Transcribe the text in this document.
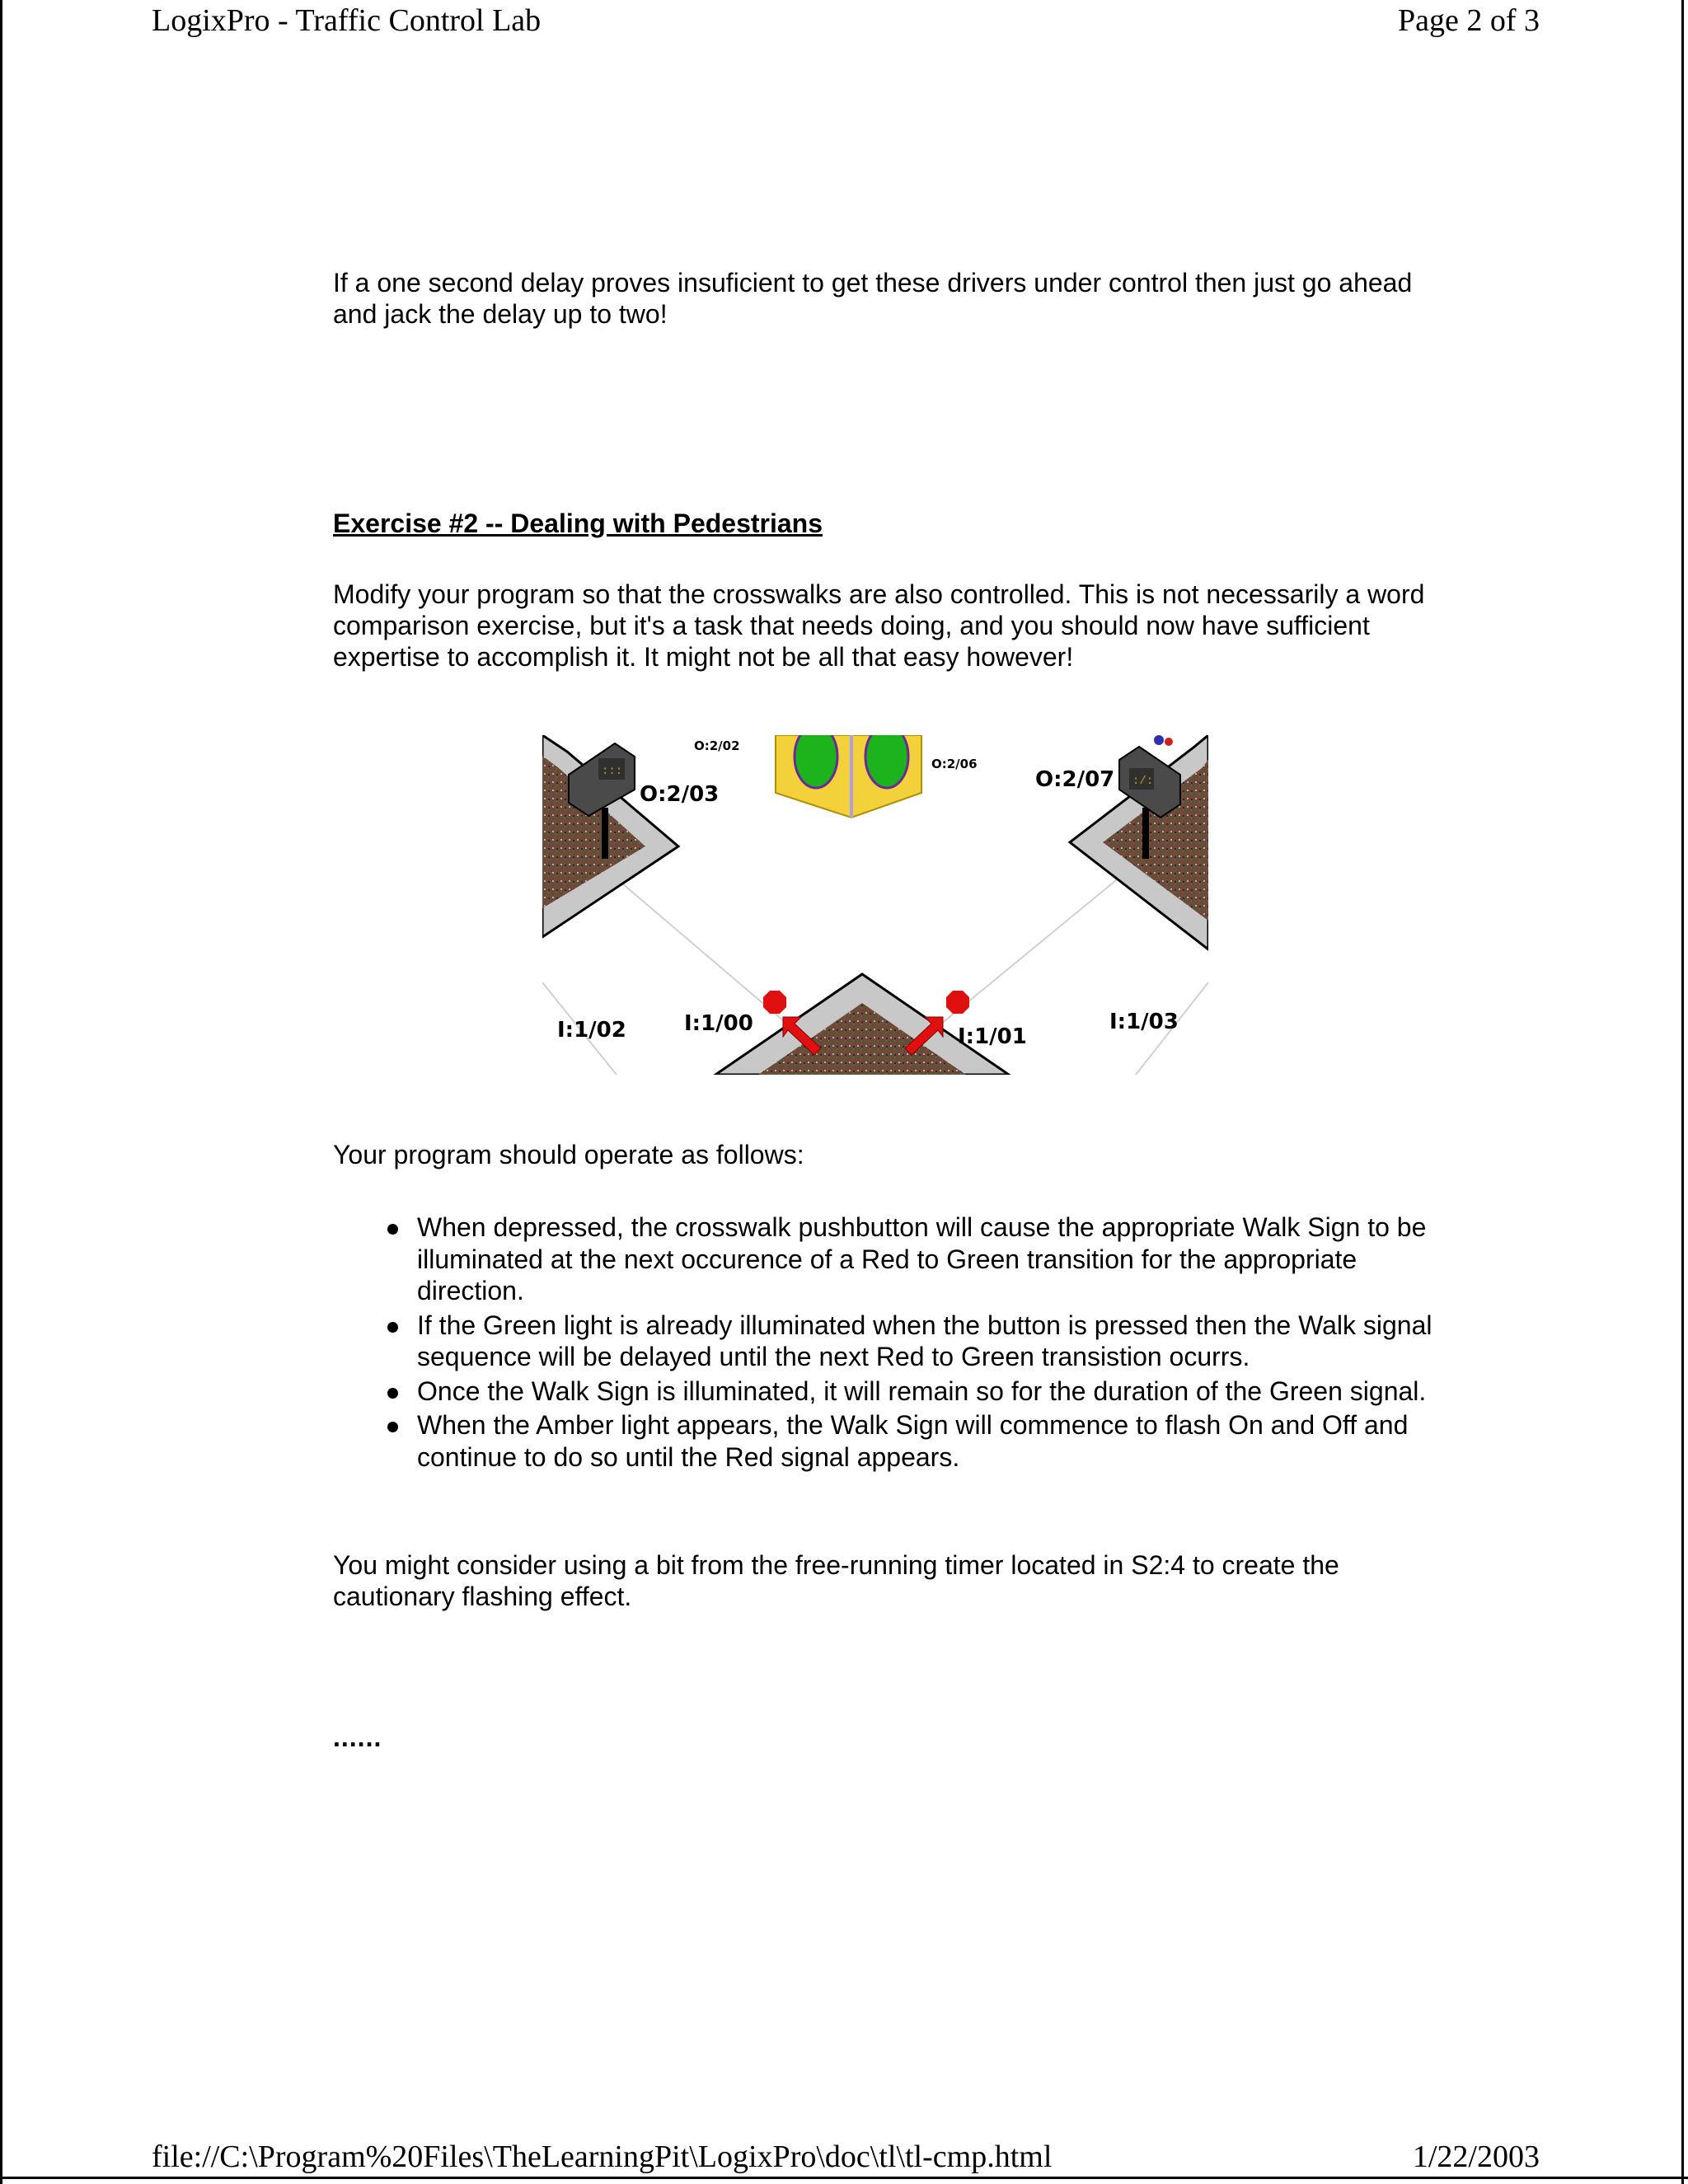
LogixPro - Traffic Control Lab	Page 2 of 3

If a one second delay proves insuficient to get these drivers under control then just go ahead and jack the delay up to two!

Exercise #2 -- Dealing with Pedestrians

Modify your program so that the crosswalks are also controlled. This is not necessarily a word comparison exercise, but it's a task that needs doing, and you should now have sufficient expertise to accomplish it. It might not be all that easy however!

:::
:/:
O:2/02
O:2/03
O:2/06
O:2/07
I:1/00
I:1/01
I:1/02	I:1/03

Your program should operate as follows:

When depressed, the crosswalk pushbutton will cause the appropriate Walk Sign to be illuminated at the next occurence of a Red to Green transition for the appropriate direction.
If the Green light is already illuminated when the button is pressed then the Walk signal sequence will be delayed until the next Red to Green transistion ocurrs.
Once the Walk Sign is illuminated, it will remain so for the duration of the Green signal.
When the Amber light appears, the Walk Sign will commence to flash On and Off and continue to do so until the Red signal appears.

You might consider using a bit from the free-running timer located in S2:4 to create the cautionary flashing effect.

......
file://C:\Program%20Files\TheLearningPit\LogixPro\doc\tl\tl-cmp.html	1/22/2003
